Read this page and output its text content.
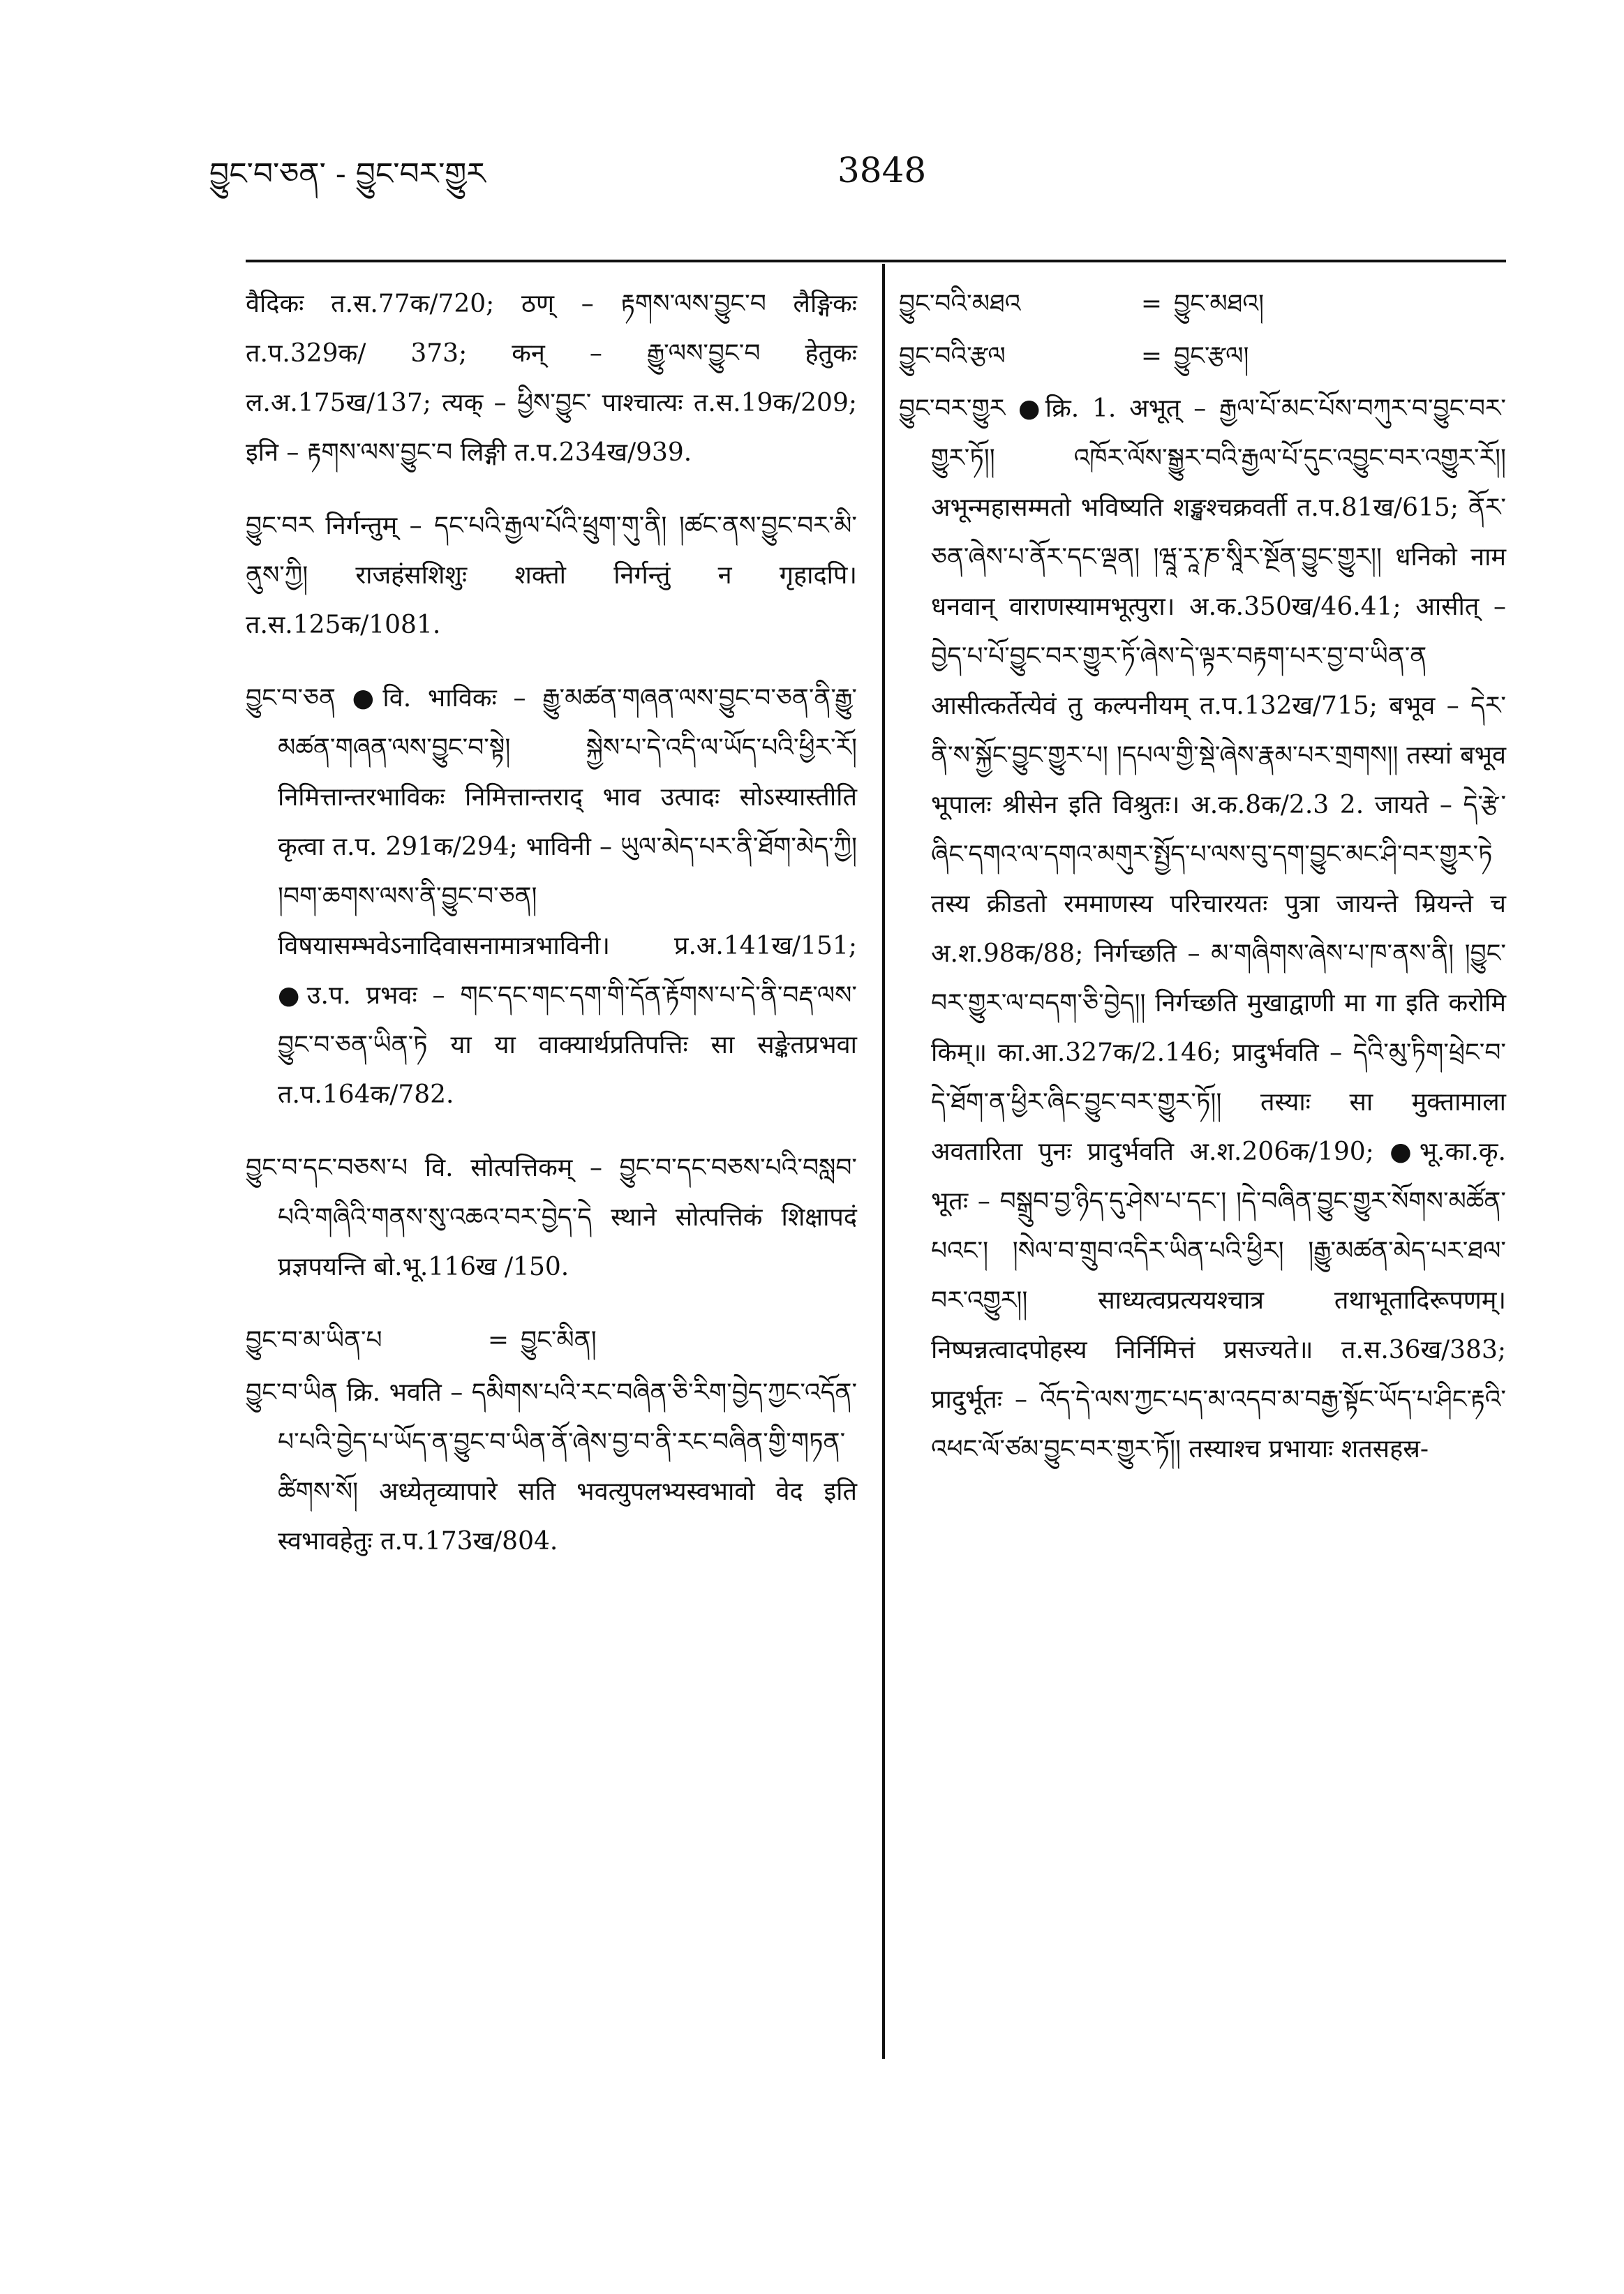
བྱུང་བ་ཅན་ - བྱུང་བར་གྱུར	3848

वैदिकः त.स.77क/720; ठण् – རྟགས་ལས་བྱུང་བ लैङ्गिकः त.प.329क/ 373; कन् – རྒྱུ་ལས་བྱུང་བ हेतुकः ल.अ.175ख/137; त्यक् – ཕྱིས་བྱུང་ पाश्चात्यः त.स.19क/209; इनि – རྟགས་ལས་བྱུང་བ लिङ्गी त.प.234ख/939.

བྱུང་བར निर्गन्तुम् – དང་པའི་རྒྱལ་པོའི་ཕྲུག་གུ་ནི། །ཚང་ནས་བྱུང་བར་མི་ནུས་ཀྱི། राजहंसशिशुः शक्तो निर्गन्तुं न गृहादपि। त.स.125क/1081.

བྱུང་བ་ཅན ●वि. भाविकः – རྒྱུ་མཚན་གཞན་ལས་བྱུང་བ་ཅན་ནི་རྒྱུ་མཚན་གཞན་ལས་བྱུང་བ་སྟེ། སྐྱེས་པ་དེ་འདི་ལ་ཡོད་པའི་ཕྱིར་རོ། निमित्तान्तरभाविकः निमित्तान्तराद् भाव उत्पादः सोऽस्यास्तीति कृत्वा त.प. 291क/294; भाविनी – ཡུལ་མེད་པར་ནི་ཐོག་མེད་ཀྱི། །བག་ཆགས་ལས་ནི་བྱུང་བ་ཅན། विषयासम्भवेऽनादिवासनामात्रभाविनी। प्र.अ.141ख/151; ●उ.प. प्रभवः – གང་དང་གང་དག་གི་དོན་རྟོགས་པ་དེ་ནི་བརྡ་ལས་བྱུང་བ་ཅན་ཡིན་ཏེ या या वाक्यार्थप्रतिपत्तिः सा सङ्केतप्रभवा त.प.164क/782.

བྱུང་བ་དང་བཅས་པ वि. सोत्पत्तिकम् – བྱུང་བ་དང་བཅས་པའི་བསླབ་པའི་གཞིའི་གནས་སུ་འཆའ་བར་བྱེད་དེ स्थाने सोत्पत्तिकं शिक्षापदं प्रज्ञपयन्ति बो.भू.116ख /150.

བྱུང་བ་མ་ཡིན་པ	= བྱུང་མིན།

བྱུང་བ་ཡིན क्रि. भवति – དམིགས་པའི་རང་བཞིན་ཅི་རིག་བྱེད་ཀྱང་འདོན་པ་པའི་བྱེད་པ་ཡོད་ན་བྱུང་བ་ཡིན་ནོ་ཞེས་བྱ་བ་ནི་རང་བཞིན་གྱི་གཏན་ཚིགས་སོ། अध्येतृव्यापारे सति भवत्युपलभ्यस्वभावो वेद इति स्वभावहेतुः त.प.173ख/804.

བྱུང་བའི་མཐའ	= བྱུང་མཐའ།
བྱུང་བའི་རྩལ	= བྱུང་རྩལ།

བྱུང་བར་གྱུར ●क्रि. 1. अभूत् – རྒྱལ་པོ་མང་པོས་བཀུར་བ་བྱུང་བར་གྱུར་ཏོ།། འཁོར་ལོས་སྒྱུར་བའི་རྒྱལ་པོ་དུང་འབྱུང་བར་འགྱུར་རོ།། अभून्महासम्मतो भविष्यति शङ्खश्चक्रवर्ती त.प.81ख/615; ནོར་ཅན་ཞེས་པ་ནོར་དང་ལྡན། །ཝཱ་རཱ་ཎ་སཱིར་སྔོན་བྱུང་གྱུར།། धनिको नाम धनवान् वाराणस्यामभूत्पुरा। अ.क.350ख/46.41; आसीत् – བྱེད་པ་པོ་བྱུང་བར་གྱུར་ཏོ་ཞེས་དེ་ལྟར་བརྟག་པར་བྱ་བ་ཡིན་ན आसीत्कर्तेत्येवं तु कल्पनीयम् त.प.132ख/715; बभूव – དེར་ནི་ས་སྐྱོང་བྱུང་གྱུར་པ། །དཔལ་གྱི་སྡེ་ཞེས་རྣམ་པར་གྲགས།། तस्यां बभूव भूपालः श्रीसेन इति विश्रुतः। अ.क.8क/2.3 2. जायते – དེ་རྩེ་ཞིང་དགའ་ལ་དགའ་མགུར་སྤྱོད་པ་ལས་བུ་དག་བྱུང་མང་ཤི་བར་གྱུར་ཏེ तस्य क्रीडतो रममाणस्य परिचारयतः पुत्रा जायन्ते म्रियन्ते च अ.श.98क/88; निर्गच्छति – མ་གཞིགས་ཞེས་པ་ཁ་ནས་ནི། །བྱུང་བར་གྱུར་ལ་བདག་ཅི་བྱེད།། निर्गच्छति मुखाद्वाणी मा गा इति करोमि किम्॥ का.आ.327क/2.146; प्रादुर्भवति – དེའི་མུ་ཏིག་ཕྲེང་བ་དེ་ཐོག་ན་ཕྱིར་ཞིང་བྱུང་བར་གྱུར་ཏོ།། तस्याः सा मुक्तामाला अवतारिता पुनः प्रादुर्भवति अ.श.206क/190; ●भू.का.कृ. भूतः – བསྒྲུབ་བྱ་ཉིད་དུ་ཤེས་པ་དང་། །དེ་བཞིན་བྱུང་གྱུར་སོགས་མཚོན་པའང་། །སེལ་བ་གྲུབ་འདིར་ཡིན་པའི་ཕྱིར། །རྒྱུ་མཚན་མེད་པར་ཐལ་བར་འགྱུར།། साध्यत्वप्रत्ययश्चात्र तथाभूतादिरूपणम्। निष्पन्नत्वादपोहस्य निर्निमित्तं प्रसज्यते॥ त.स.36ख/383; प्रादुर्भूतः – འོད་དེ་ལས་ཀྱང་པད་མ་འདབ་མ་བརྒྱ་སྟོང་ཡོད་པ་ཤིང་རྟའི་འཕང་ལོ་ཙམ་བྱུང་བར་གྱུར་ཏོ།། तस्याश्च प्रभायाः शतसहस्र-
